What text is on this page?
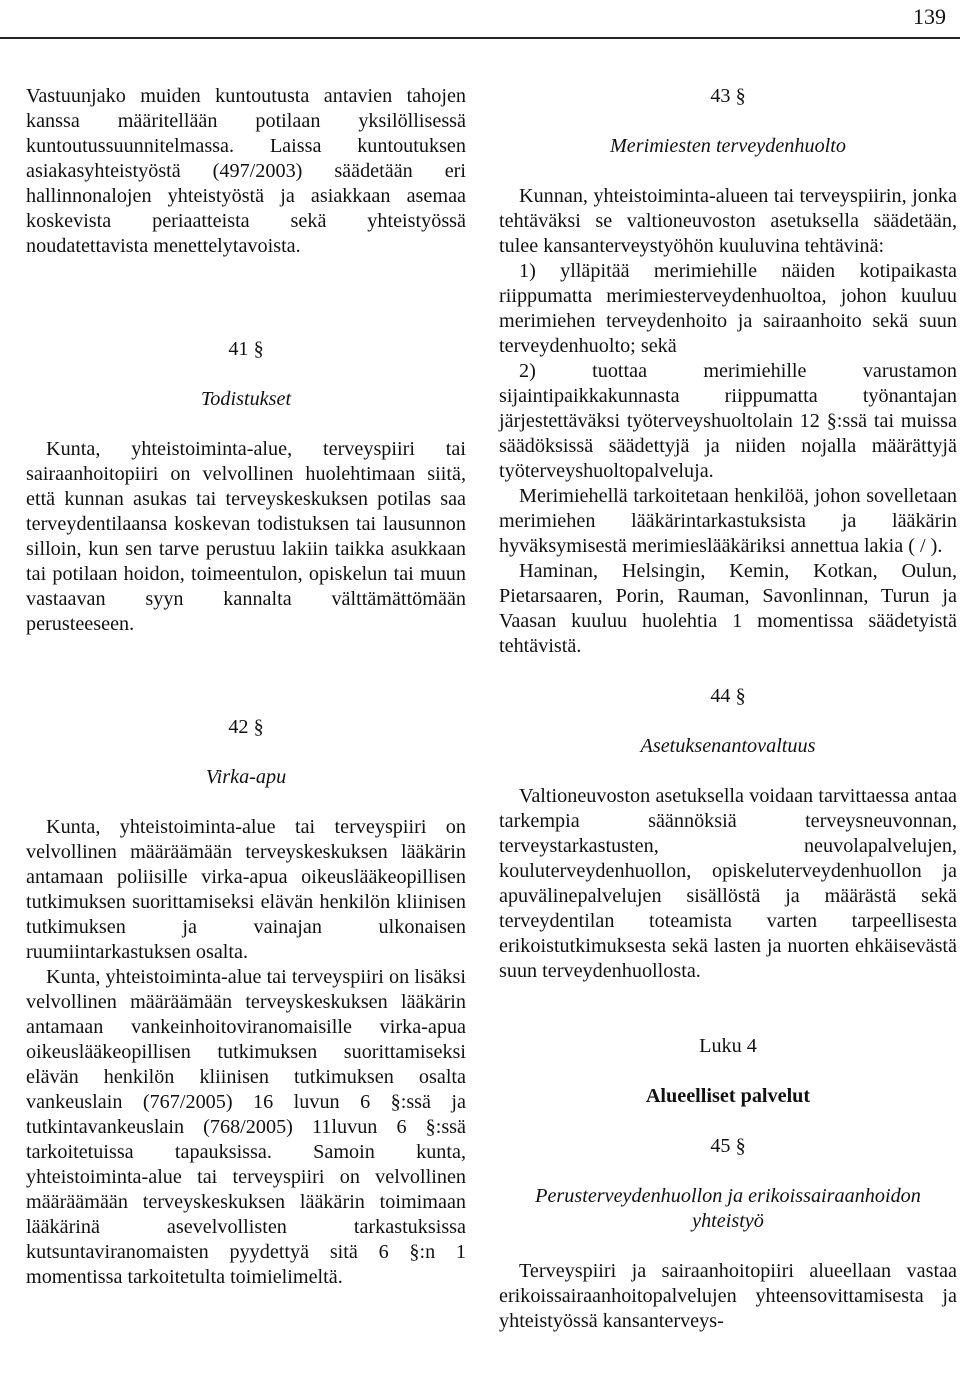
139

Vastuunjako muiden kuntoutusta antavien tahojen kanssa määritellään potilaan yksilöllisessä kuntoutussuunnitelmassa. Laissa kuntoutuksen asiakasyhteistyöstä (497/2003) säädetään eri hallinnonalojen yhteistyöstä ja asiakkaan asemaa koskevista periaatteista sekä yhteistyössä noudatettavista menettelytavoista.

41 §
Todistukset

Kunta, yhteistoiminta-alue, terveyspiiri tai sairaanhoitopiiri on velvollinen huolehtimaan siitä, että kunnan asukas tai terveyskeskuksen potilas saa terveydentilaansa koskevan todistuksen tai lausunnon silloin, kun sen tarve perustuu lakiin taikka asukkaan tai potilaan hoidon, toimeentulon, opiskelun tai muun vastaavan syyn kannalta välttämättömään perusteeseen.

42 §
Virka-apu

Kunta, yhteistoiminta-alue tai terveyspiiri on velvollinen määräämään terveyskeskuksen lääkärin antamaan poliisille virka-apua oikeuslääkeopillisen tutkimuksen suorittamiseksi elävän henkilön kliinisen tutkimuksen ja vainajan ulkonaisen ruumiintarkastuksen osalta.

Kunta, yhteistoiminta-alue tai terveyspiiri on lisäksi velvollinen määräämään terveyskeskuksen lääkärin antamaan vankeinhoitoviranomaisille virka-apua oikeuslääkeopillisen tutkimuksen suorittamiseksi elävän henkilön kliinisen tutkimuksen osalta vankeuslain (767/2005) 16 luvun 6 §:ssä ja tutkintavankeuslain (768/2005) 11luvun 6 §:ssä tarkoitetuissa tapauksissa. Samoin kunta, yhteistoiminta-alue tai terveyspiiri on velvollinen määräämään terveyskeskuksen lääkärin toimimaan lääkärinä asevelvollisten tarkastuksissa kutsuntaviranomaisten pyydettyä sitä 6 §:n 1 momentissa tarkoitetulta toimielimeltä.

43 §
Merimiesten terveydenhuolto

Kunnan, yhteistoiminta-alueen tai terveyspiirin, jonka tehtäväksi se valtioneuvoston asetuksella säädetään, tulee kansanterveystyöhön kuuluvina tehtävinä:

1) ylläpitää merimiehille näiden kotipaikasta riippumatta merimiesterveydenhuoltoa, johon kuuluu merimiehen terveydenhoito ja sairaanhoito sekä suun terveydenhuolto; sekä

2) tuottaa merimiehille varustamon sijaintipaikkakunnasta riippumatta työnantajan järjestettäväksi työterveyshuoltolain 12 §:ssä tai muissa säädöksissä säädettyjä ja niiden nojalla määrättyjä työterveyshuoltopalveluja.

Merimiehellä tarkoitetaan henkilöä, johon sovelletaan merimiehen lääkärintarkastuksista ja lääkärin hyväksymisestä merimieslääkäriksi annettua lakia ( / ).

Haminan, Helsingin, Kemin, Kotkan, Oulun, Pietarsaaren, Porin, Rauman, Savonlinnan, Turun ja Vaasan kuuluu huolehtia 1 momentissa säädetyistä tehtävistä.

44 §
Asetuksenantovaltuus

Valtioneuvoston asetuksella voidaan tarvittaessa antaa tarkempia säännöksiä terveysneuvonnan, terveystarkastusten, neuvolapalvelujen, kouluterveydenhuollon, opiskeluterveydenhuollon ja apuvälinepalvelujen sisällöstä ja määrästä sekä terveydentilan toteamista varten tarpeellisesta erikoistutkimuksesta sekä lasten ja nuorten ehkäisevästä suun terveydenhuollosta.

Luku 4
Alueelliset palvelut
45 §
Perusterveydenhuollon ja erikoissairaanhoidon yhteistyö

Terveyspiiri ja sairaanhoitopiiri alueellaan vastaa erikoissairaanhoitopalvelujen yhteensovittamisesta ja yhteistyössä kansanterveys-
